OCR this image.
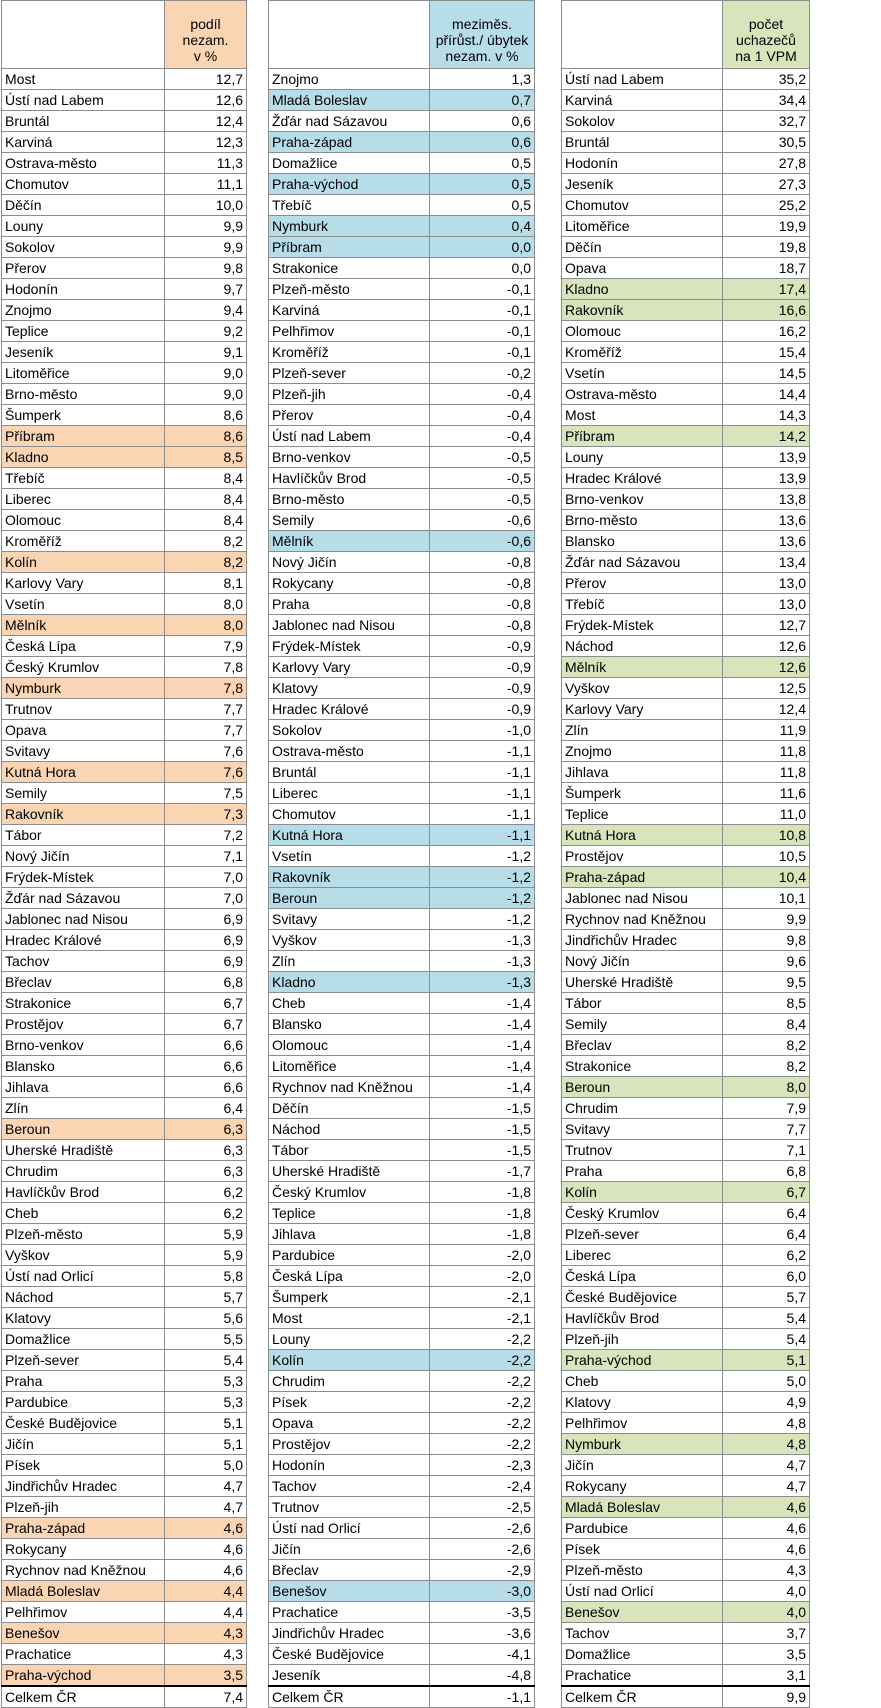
	podíl
nezam.
v %
Most	12,7
Ústí nad Labem	12,6
Bruntál	12,4
Karviná	12,3
Ostrava-město	11,3
Chomutov	11,1
Děčín	10,0
Louny	9,9
Sokolov	9,9
Přerov	9,8
Hodonín	9,7
Znojmo	9,4
Teplice	9,2
Jeseník	9,1
Litoměřice	9,0
Brno-město	9,0
Šumperk	8,6
Příbram	8,6
Kladno	8,5
Třebíč	8,4
Liberec	8,4
Olomouc	8,4
Kroměříž	8,2
Kolín	8,2
Karlovy Vary	8,1
Vsetín	8,0
Mělník	8,0
Česká Lípa	7,9
Český Krumlov	7,8
Nymburk	7,8
Trutnov	7,7
Opava	7,7
Svitavy	7,6
Kutná Hora	7,6
Semily	7,5
Rakovník	7,3
Tábor	7,2
Nový Jičín	7,1
Frýdek-Místek	7,0
Žďár nad Sázavou	7,0
Jablonec nad Nisou	6,9
Hradec Králové	6,9
Tachov	6,9
Břeclav	6,8
Strakonice	6,7
Prostějov	6,7
Brno-venkov	6,6
Blansko	6,6
Jihlava	6,6
Zlín	6,4
Beroun	6,3
Uherské Hradiště	6,3
Chrudim	6,3
Havlíčkův Brod	6,2
Cheb	6,2
Plzeň-město	5,9
Vyškov	5,9
Ústí nad Orlicí	5,8
Náchod	5,7
Klatovy	5,6
Domažlice	5,5
Plzeň-sever	5,4
Praha	5,3
Pardubice	5,3
České Budějovice	5,1
Jičín	5,1
Písek	5,0
Jindřichův Hradec	4,7
Plzeň-jih	4,7
Praha-západ	4,6
Rokycany	4,6
Rychnov nad Kněžnou	4,6
Mladá Boleslav	4,4
Pelhřimov	4,4
Benešov	4,3
Prachatice	4,3
Praha-východ	3,5
Celkem ČR	7,4
	meziměs.
přírůst./ úbytek
nezam. v %
Znojmo	1,3
Mladá Boleslav	0,7
Žďár nad Sázavou	0,6
Praha-západ	0,6
Domažlice	0,5
Praha-východ	0,5
Třebíč	0,5
Nymburk	0,4
Příbram	0,0
Strakonice	0,0
Plzeň-město	-0,1
Karviná	-0,1
Pelhřimov	-0,1
Kroměříž	-0,1
Plzeň-sever	-0,2
Plzeň-jih	-0,4
Přerov	-0,4
Ústí nad Labem	-0,4
Brno-venkov	-0,5
Havlíčkův Brod	-0,5
Brno-město	-0,5
Semily	-0,6
Mělník	-0,6
Nový Jičín	-0,8
Rokycany	-0,8
Praha	-0,8
Jablonec nad Nisou	-0,8
Frýdek-Místek	-0,9
Karlovy Vary	-0,9
Klatovy	-0,9
Hradec Králové	-0,9
Sokolov	-1,0
Ostrava-město	-1,1
Bruntál	-1,1
Liberec	-1,1
Chomutov	-1,1
Kutná Hora	-1,1
Vsetín	-1,2
Rakovník	-1,2
Beroun	-1,2
Svitavy	-1,2
Vyškov	-1,3
Zlín	-1,3
Kladno	-1,3
Cheb	-1,4
Blansko	-1,4
Olomouc	-1,4
Litoměřice	-1,4
Rychnov nad Kněžnou	-1,4
Děčín	-1,5
Náchod	-1,5
Tábor	-1,5
Uherské Hradiště	-1,7
Český Krumlov	-1,8
Teplice	-1,8
Jihlava	-1,8
Pardubice	-2,0
Česká Lípa	-2,0
Šumperk	-2,1
Most	-2,1
Louny	-2,2
Kolín	-2,2
Chrudim	-2,2
Písek	-2,2
Opava	-2,2
Prostějov	-2,2
Hodonín	-2,3
Tachov	-2,4
Trutnov	-2,5
Ústí nad Orlicí	-2,6
Jičín	-2,6
Břeclav	-2,9
Benešov	-3,0
Prachatice	-3,5
Jindřichův Hradec	-3,6
České Budějovice	-4,1
Jeseník	-4,8
Celkem ČR	-1,1
	počet
uchazečů
na 1 VPM
Ústí nad Labem	35,2
Karviná	34,4
Sokolov	32,7
Bruntál	30,5
Hodonín	27,8
Jeseník	27,3
Chomutov	25,2
Litoměřice	19,9
Děčín	19,8
Opava	18,7
Kladno	17,4
Rakovník	16,6
Olomouc	16,2
Kroměříž	15,4
Vsetín	14,5
Ostrava-město	14,4
Most	14,3
Příbram	14,2
Louny	13,9
Hradec Králové	13,9
Brno-venkov	13,8
Brno-město	13,6
Blansko	13,6
Žďár nad Sázavou	13,4
Přerov	13,0
Třebíč	13,0
Frýdek-Místek	12,7
Náchod	12,6
Mělník	12,6
Vyškov	12,5
Karlovy Vary	12,4
Zlín	11,9
Znojmo	11,8
Jihlava	11,8
Šumperk	11,6
Teplice	11,0
Kutná Hora	10,8
Prostějov	10,5
Praha-západ	10,4
Jablonec nad Nisou	10,1
Rychnov nad Kněžnou	9,9
Jindřichův Hradec	9,8
Nový Jičín	9,6
Uherské Hradiště	9,5
Tábor	8,5
Semily	8,4
Břeclav	8,2
Strakonice	8,2
Beroun	8,0
Chrudim	7,9
Svitavy	7,7
Trutnov	7,1
Praha	6,8
Kolín	6,7
Český Krumlov	6,4
Plzeň-sever	6,4
Liberec	6,2
Česká Lípa	6,0
České Budějovice	5,7
Havlíčkův Brod	5,4
Plzeň-jih	5,4
Praha-východ	5,1
Cheb	5,0
Klatovy	4,9
Pelhřimov	4,8
Nymburk	4,8
Jičín	4,7
Rokycany	4,7
Mladá Boleslav	4,6
Pardubice	4,6
Písek	4,6
Plzeň-město	4,3
Ústí nad Orlicí	4,0
Benešov	4,0
Tachov	3,7
Domažlice	3,5
Prachatice	3,1
Celkem ČR	9,9
